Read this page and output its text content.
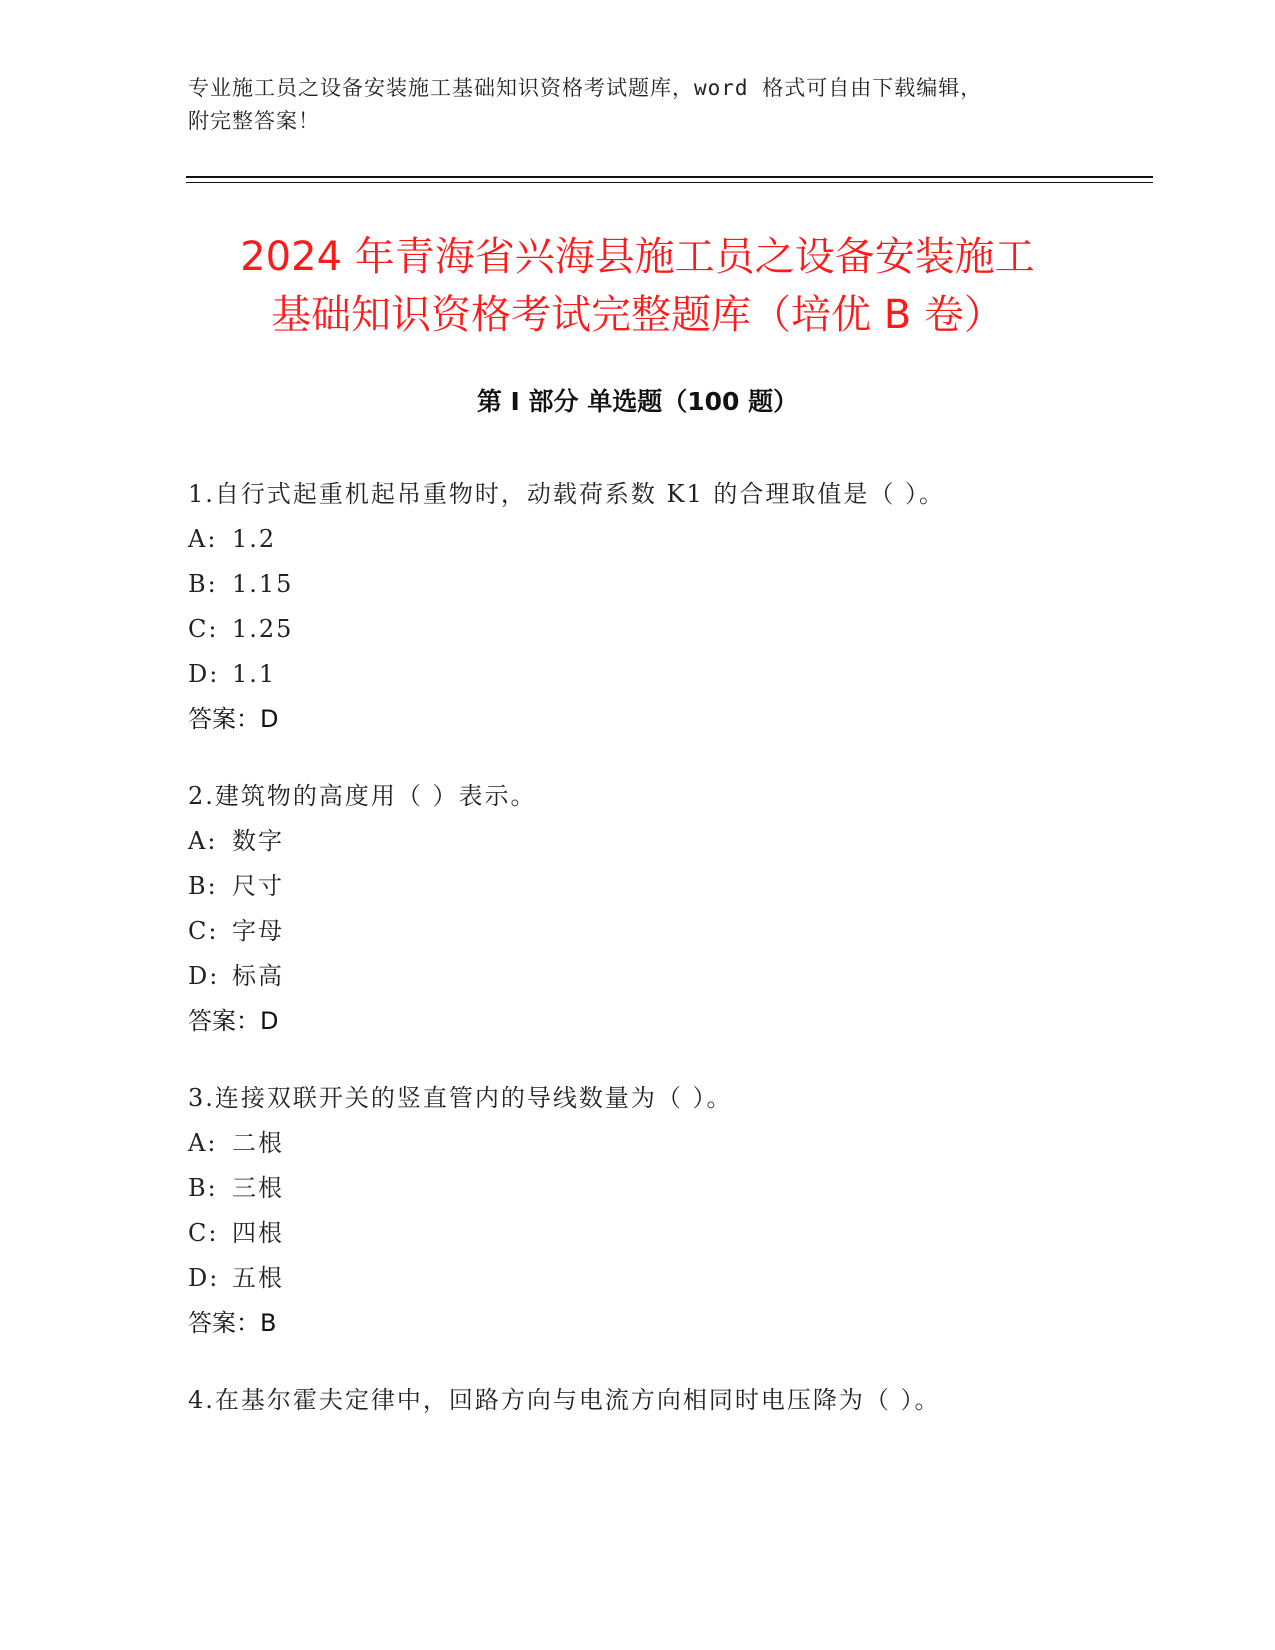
专业施工员之设备安装施工基础知识资格考试题库，word 格式可自由下载编辑，
附完整答案！
2024 年青海省兴海县施工员之设备安装施工
基础知识资格考试完整题库（培优 B 卷）
第 I 部分 单选题（100 题）
1.自行式起重机起吊重物时，动载荷系数 K1 的合理取值是（ ）。
A: 1.2
B: 1.15
C: 1.25
D: 1.1
答案：D
2.建筑物的高度用（ ）表示。
A: 数字
B: 尺寸
C: 字母
D: 标高
答案：D
3.连接双联开关的竖直管内的导线数量为（ ）。
A: 二根
B: 三根
C: 四根
D: 五根
答案：B
4.在基尔霍夫定律中，回路方向与电流方向相同时电压降为（ ）。
